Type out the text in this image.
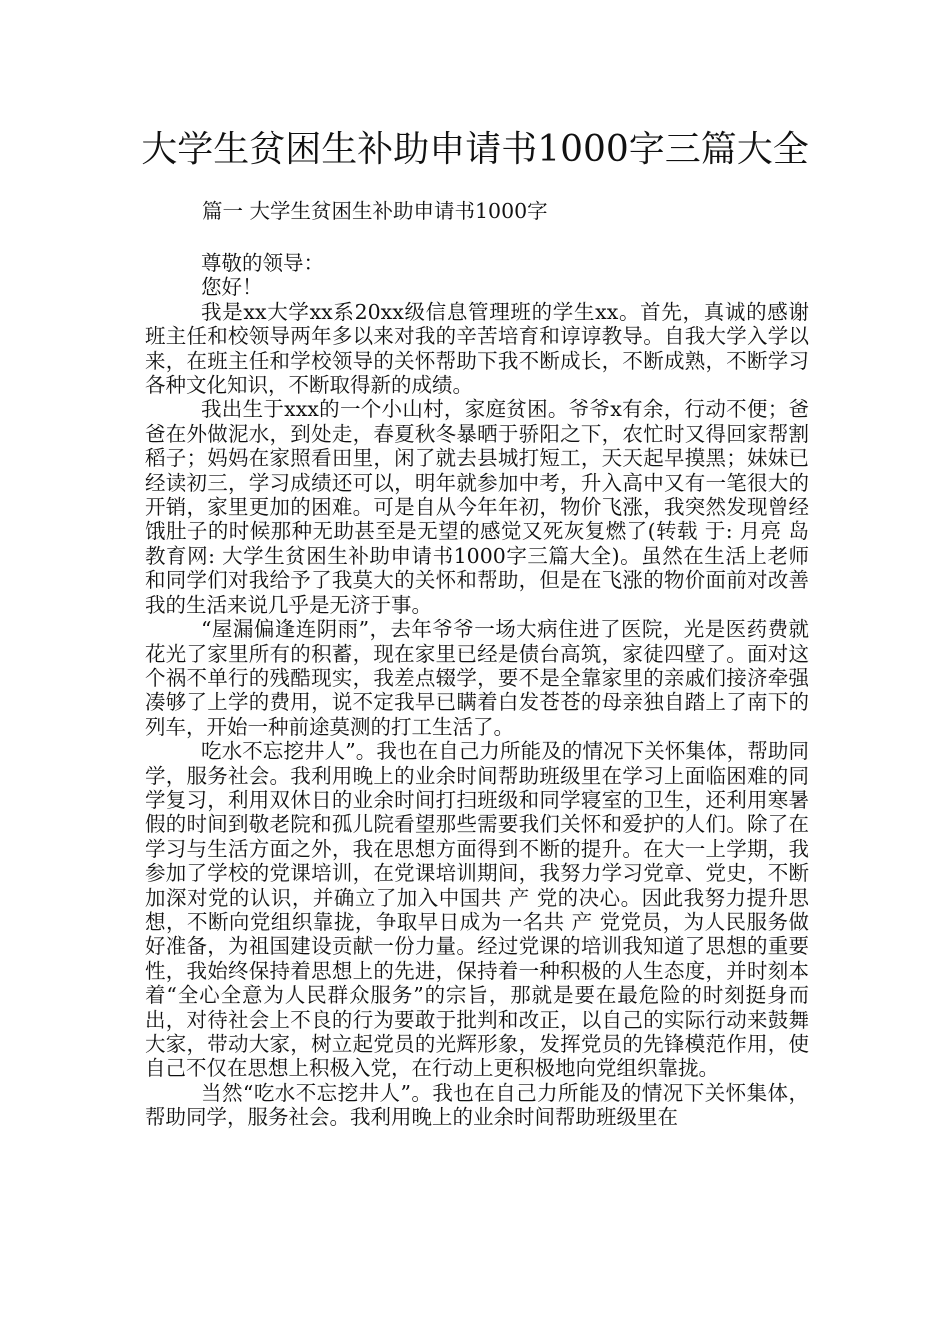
大学生贫困生补助申请书1000字三篇大全
篇一 大学生贫困生补助申请书1000字

尊敬的领导：

您好！

我是xx大学xx系20xx级信息管理班的学生xx。首先，真诚的感谢班主任和校领导两年多以来对我的辛苦培育和谆谆教导。自我大学入学以来，在班主任和学校领导的关怀帮助下我不断成长，不断成熟，不断学习各种文化知识，不断取得新的成绩。

我出生于xxx的一个小山村，家庭贫困。爷爷x有余，行动不便；爸爸在外做泥水，到处走，春夏秋冬暴晒于骄阳之下，农忙时又得回家帮割稻子；妈妈在家照看田里，闲了就去县城打短工，天天起早摸黑；妹妹已经读初三，学习成绩还可以，明年就参加中考，升入高中又有一笔很大的开销，家里更加的困难。可是自从今年年初，物价飞涨，我突然发现曾经饿肚子的时候那种无助甚至是无望的感觉又死灰复燃了(转载 于: 月亮 岛教育网: 大学生贫困生补助申请书1000字三篇大全)。虽然在生活上老师和同学们对我给予了我莫大的关怀和帮助，但是在飞涨的物价面前对改善我的生活来说几乎是无济于事。

“屋漏偏逢连阴雨”，去年爷爷一场大病住进了医院，光是医药费就花光了家里所有的积蓄，现在家里已经是债台高筑，家徒四壁了。面对这个祸不单行的残酷现实，我差点辍学，要不是全靠家里的亲戚们接济牵强凑够了上学的费用，说不定我早已瞒着白发苍苍的母亲独自踏上了南下的列车，开始一种前途莫测的打工生活了。

吃水不忘挖井人”。我也在自己力所能及的情况下关怀集体，帮助同学，服务社会。我利用晚上的业余时间帮助班级里在学习上面临困难的同学复习，利用双休日的业余时间打扫班级和同学寝室的卫生，还利用寒暑假的时间到敬老院和孤儿院看望那些需要我们关怀和爱护的人们。除了在学习与生活方面之外，我在思想方面得到不断的提升。在大一上学期，我参加了学校的党课培训，在党课培训期间，我努力学习党章、党史，不断加深对党的认识，并确立了加入中国共 产 党的决心。因此我努力提升思想，不断向党组织靠拢，争取早日成为一名共 产 党党员，为人民服务做好准备，为祖国建设贡献一份力量。经过党课的培训我知道了思想的重要性，我始终保持着思想上的先进，保持着一种积极的人生态度，并时刻本着“全心全意为人民群众服务”的宗旨，那就是要在最危险的时刻挺身而出，对待社会上不良的行为要敢于批判和改正，以自己的实际行动来鼓舞大家，带动大家，树立起党员的光辉形象，发挥党员的先锋模范作用，使自己不仅在思想上积极入党，在行动上更积极地向党组织靠拢。

当然“吃水不忘挖井人”。我也在自己力所能及的情况下关怀集体，帮助同学，服务社会。我利用晚上的业余时间帮助班级里在
